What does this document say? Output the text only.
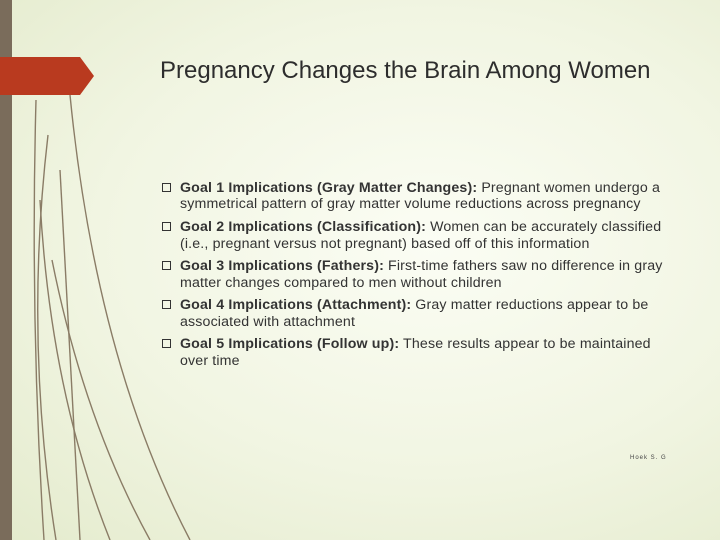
Pregnancy Changes the Brain Among Women
Goal 1 Implications (Gray Matter Changes): Pregnant women undergo a symmetrical pattern of gray matter volume reductions across pregnancy
Goal 2 Implications (Classification): Women can be accurately classified (i.e., pregnant versus not pregnant) based off of this information
Goal 3 Implications (Fathers): First-time fathers saw no difference in gray matter changes compared to men without children
Goal 4 Implications (Attachment): Gray matter reductions appear to be associated with attachment
Goal 5 Implications (Follow up): These results appear to be maintained over time
Hoek S. G
